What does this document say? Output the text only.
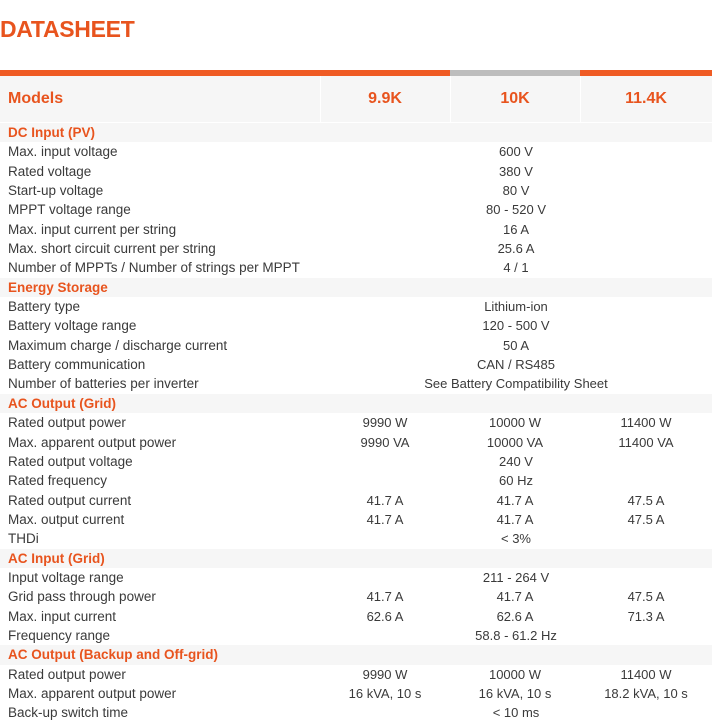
DATASHEET
Models	9.9K	10K	11.4K
DC Input (PV)
Max. input voltage	600 V
Rated voltage	380 V
Start-up voltage	80 V
MPPT voltage range	80 - 520 V
Max. input current per string	16 A
Max. short circuit current per string	25.6 A
Number of MPPTs / Number of strings per MPPT	4 / 1
Energy Storage
Battery type	Lithium-ion
Battery voltage range	120 - 500 V
Maximum charge / discharge current	50 A
Battery communication	CAN / RS485
Number of batteries per inverter	See Battery Compatibility Sheet
AC Output (Grid)
Rated output power	9990 W	10000 W	11400 W
Max. apparent output power	9990 VA	10000 VA	11400 VA
Rated output voltage	240 V
Rated frequency	60 Hz
Rated output current	41.7 A	41.7 A	47.5 A
Max. output current	41.7 A	41.7 A	47.5 A
THDi	< 3%
AC Input (Grid)
Input voltage range	211 - 264 V
Grid pass through power	41.7 A	41.7 A	47.5 A
Max. input current	62.6 A	62.6 A	71.3 A
Frequency range	58.8 - 61.2 Hz
AC Output (Backup and Off-grid)
Rated output power	9990 W	10000 W	11400 W
Max. apparent output power	16 kVA, 10 s	16 kVA, 10 s	18.2 kVA, 10 s
Back-up switch time	< 10 ms
